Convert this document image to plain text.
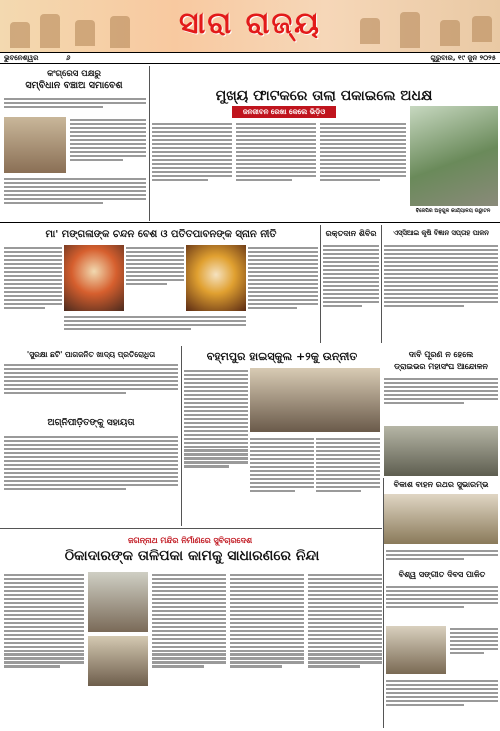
ସାରା ରାଜ୍ୟ
ଭୁବନେଶ୍ୱର	୬	ଗୁରୁବାର, ୧୯ ଜୁନ ୨୦୨୫
କଂଗ୍ରେସ ପକ୍ଷରୁ
ସମ୍ବିଧାନ ବଞ୍ଚାଅ ସମାବେଶ
ମୁଖ୍ୟ ଫାଟକରେ ତାଲା ପକାଇଲେ ଅଧକ୍ଷ
ଜନଜୀବନ ରେଖା କେଲେ ଭିଡ଼ିଓ
ବିଜେପିର ଅନୁଗୁଳ କାର୍ଯ୍ୟାଳୟ ଉଦ୍ଘାଟନ
ମା' ମଙ୍ଗଳାଙ୍କ ଚନ୍ଦନ ବେଶ ଓ ପତିତପାବନଙ୍କ ସ୍ନାନ ନୀତି	ରକ୍ତଦାନ ଶିବିର	ଏସ୍‌ସିଆଇ କୃଷି ବିଜ୍ଞାନ ସପ୍ତାହ ପାଳନ
ଦାବି ପୂରଣ ନ ହେଲେ
ଡ୍ରାଇଭର ମହାସଂଘ ଆନ୍ଦୋଳନ
'ସୁରକ୍ଷା ଛଟି' ପାଗଜନିତ ଖାଦ୍ୟ ପ୍ରତିରୋଧିତା
ଅଗ୍ନିପୀଡ଼ିତଙ୍କୁ ସହାୟତା
ବହ୍ମପୁର ହାଇସ୍କୁଲ +୨କୁ ଉନ୍ନୀତ
ବିକାଶ ବାହନ ରଥର ସୁଭାରମ୍ଭ
ଜଗନ୍ନାଥ ମନ୍ଦିର ନିର୍ମାଣରେ ସୁବିଚାରଦେଶ
ଠିକାଦାରଙ୍କ ତାଳିପକା କାମକୁ ସାଧାରଣରେ ନିନ୍ଦା
ବିଶ୍ୱ ସଙ୍ଗୀତ ଦିବସ ପାଳିତ
